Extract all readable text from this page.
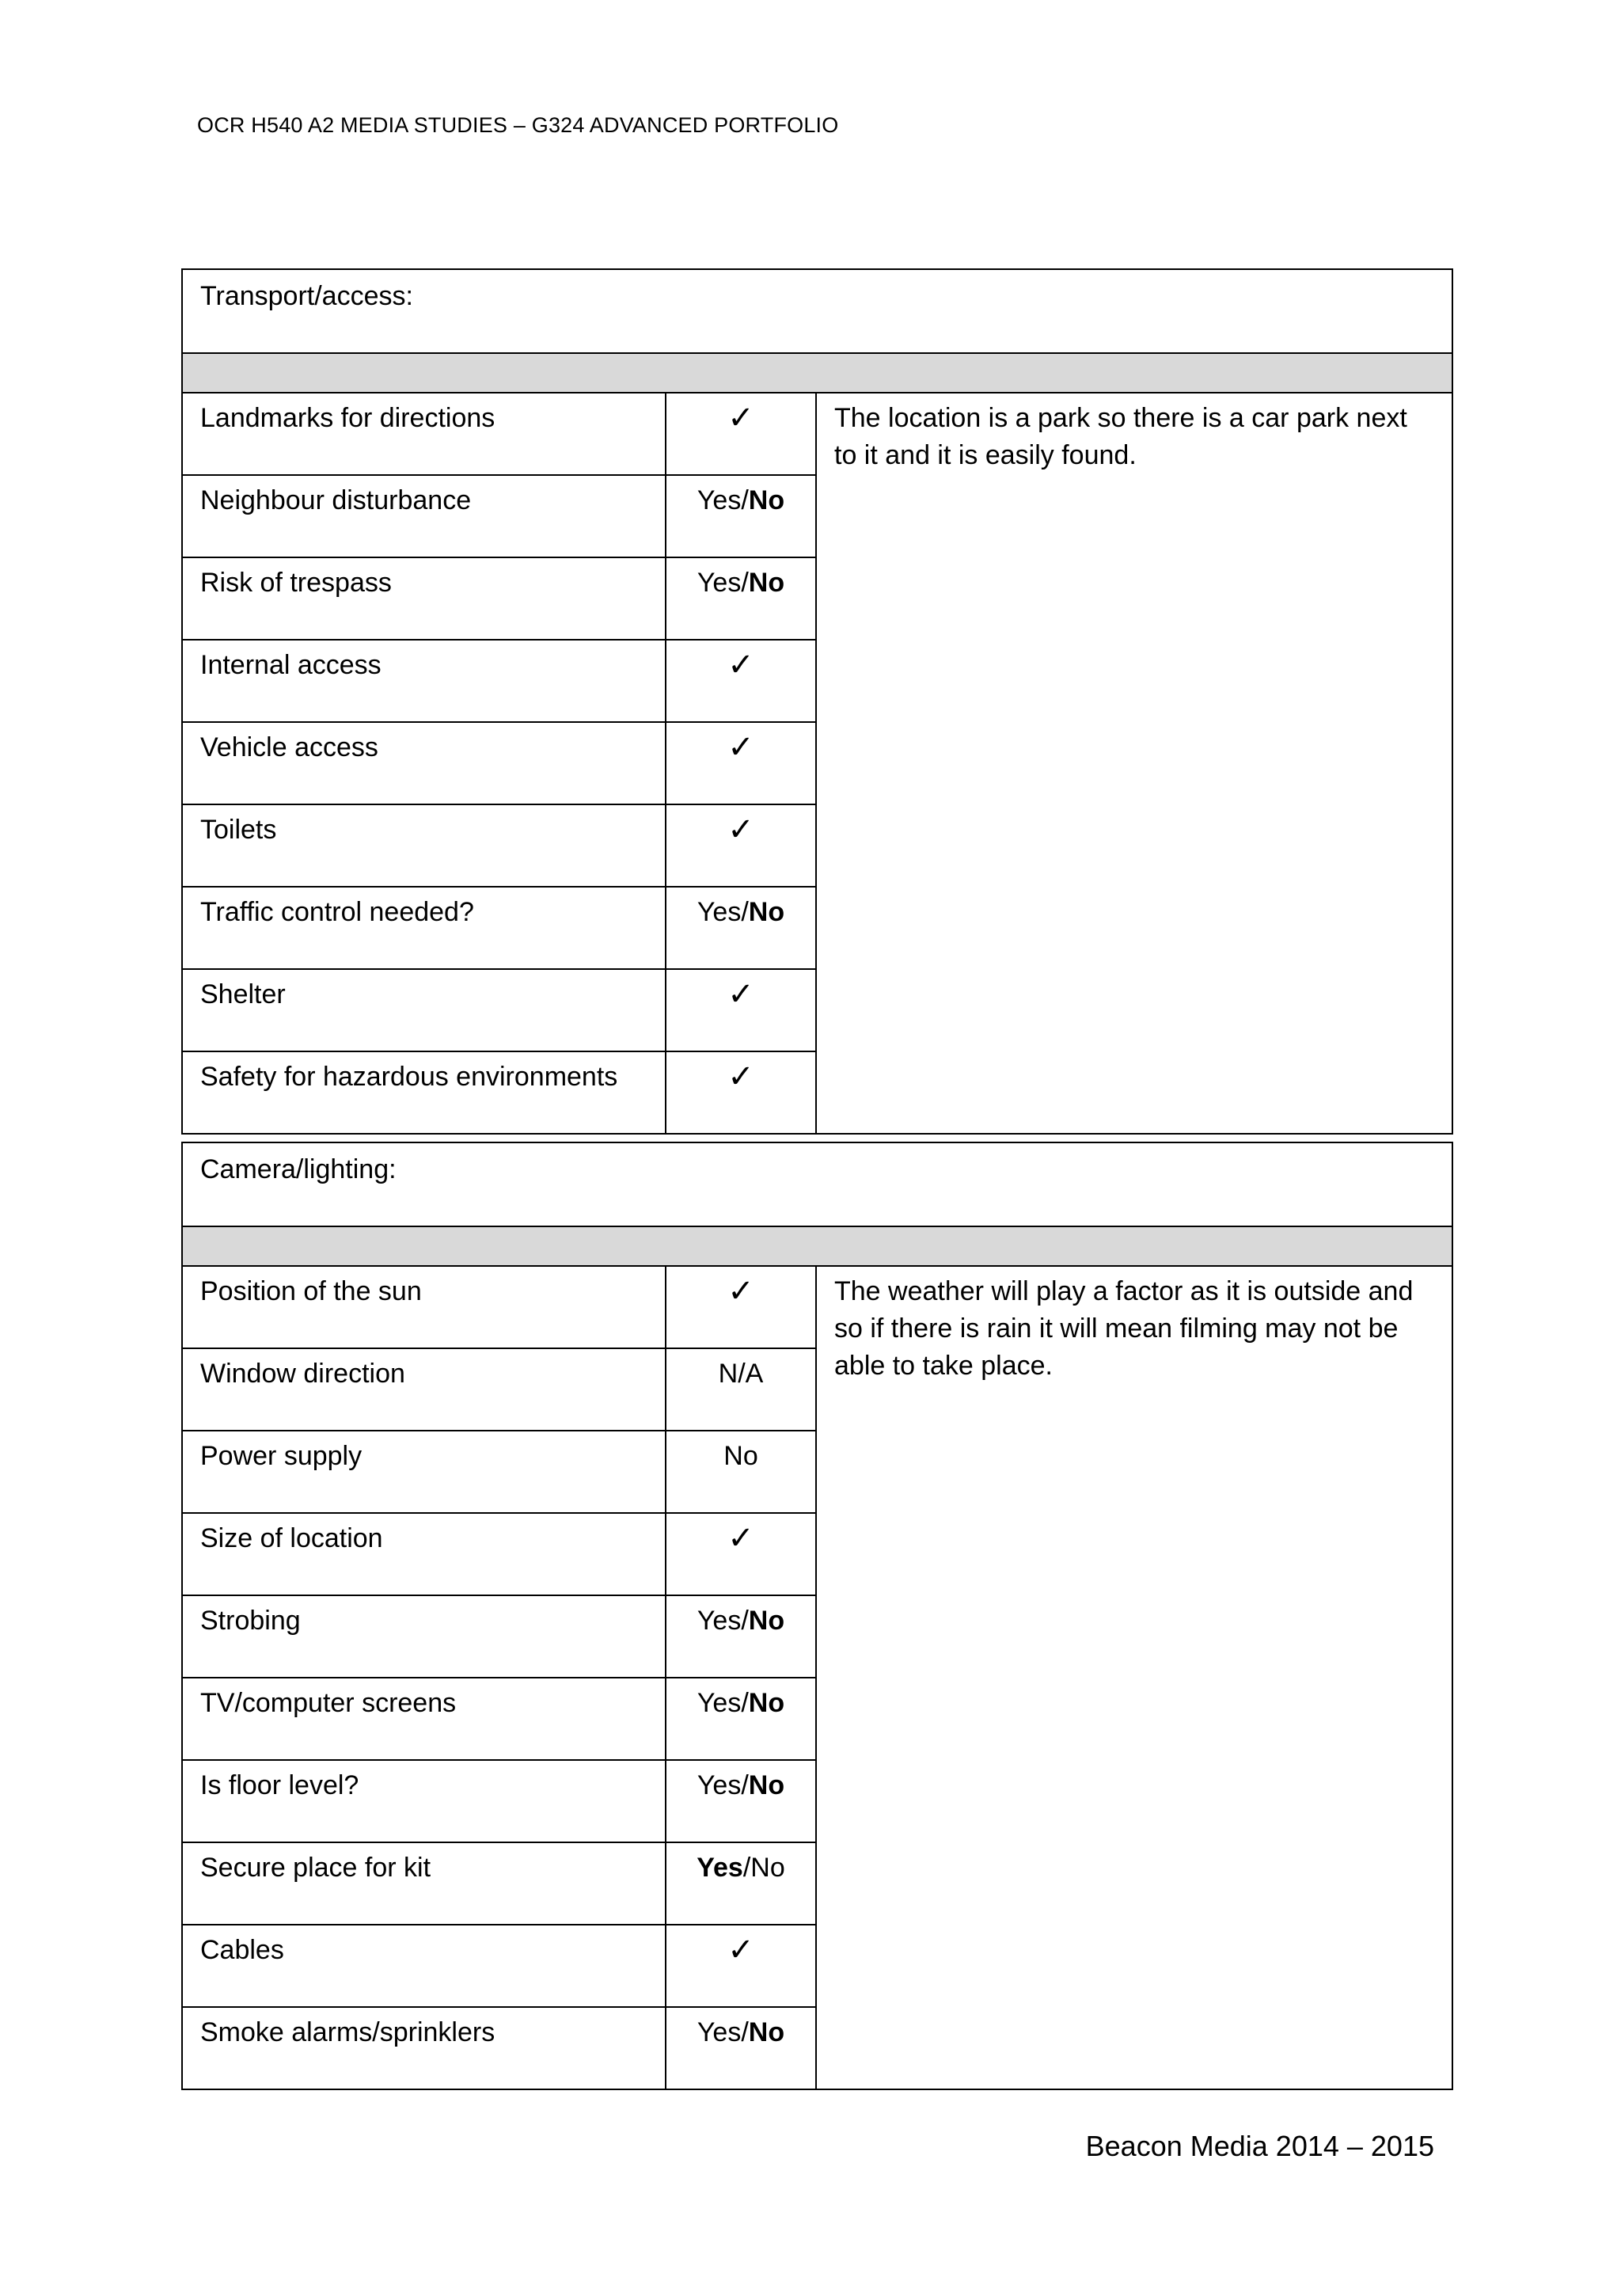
OCR H540 A2 MEDIA STUDIES – G324 ADVANCED PORTFOLIO
Transport/access:		

Landmarks for directions	✓	The location is a park so there is a car park next to it and it is easily found.
Neighbour disturbance	Yes/No	
Risk of trespass	Yes/No	
Internal access	✓	
Vehicle access	✓	
Toilets	✓	
Traffic control needed?	Yes/No	
Shelter	✓	
Safety for hazardous environments	✓	
Camera/lighting:		

Position of the sun	✓	The weather will play a factor as it is outside and so if there is rain it will mean filming may not be able to take place.
Window direction	N/A	
Power supply	No	
Size of location	✓	
Strobing	Yes/No	
TV/computer screens	Yes/No	
Is floor level?	Yes/No	
Secure place for kit	Yes/No	
Cables	✓	
Smoke alarms/sprinklers	Yes/No	
Beacon Media 2014 – 2015
